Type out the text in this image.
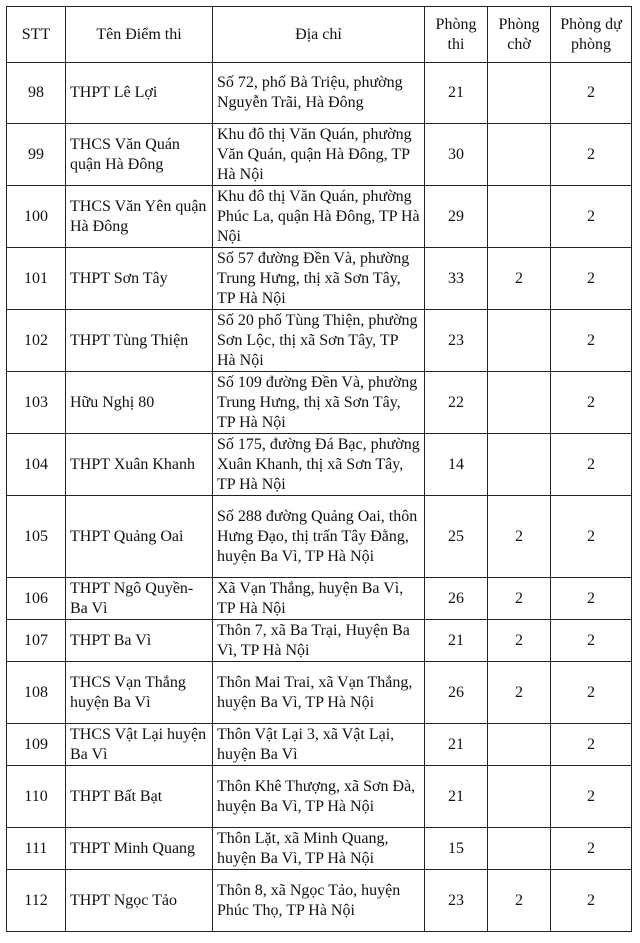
STT	Tên Điểm thi	Địa chỉ	Phòng thi	Phòng chờ	Phòng dự phòng
98	THPT Lê Lợi	Số 72, phố Bà Triệu, phường Nguyễn Trãi, Hà Đông	21		2
99	THCS Văn Quán quận Hà Đông	Khu đô thị Văn Quán, phường Văn Quán, quận Hà Đông, TP Hà Nội	30		2
100	THCS Văn Yên quận Hà Đông	Khu đô thị Văn Quán, phường Phúc La, quận Hà Đông, TP Hà Nội	29		2
101	THPT Sơn Tây	Số 57 đường Đền Và, phường Trung Hưng, thị xã Sơn Tây, TP Hà Nội	33	2	2
102	THPT Tùng Thiện	Số 20 phố Tùng Thiện, phường Sơn Lộc, thị xã Sơn Tây, TP Hà Nội	23		2
103	Hữu Nghị 80	Số 109 đường Đền Và, phường Trung Hưng, thị xã Sơn Tây, TP Hà Nội	22		2
104	THPT Xuân Khanh	Số 175, đường Đá Bạc, phường Xuân Khanh, thị xã Sơn Tây, TP Hà Nội	14		2
105	THPT Quảng Oai	Số 288 đường Quảng Oai, thôn Hưng Đạo, thị trấn Tây Đằng, huyện Ba Vì, TP Hà Nội	25	2	2
106	THPT Ngô Quyền-Ba Vì	Xã Vạn Thắng, huyện Ba Vì, TP Hà Nội	26	2	2
107	THPT Ba Vì	Thôn 7, xã Ba Trại, Huyện Ba Vì, TP Hà Nội	21	2	2
108	THCS Vạn Thắng huyện Ba Vì	Thôn Mai Trai, xã Vạn Thắng, huyện Ba Vì, TP Hà Nội	26	2	2
109	THCS Vật Lại huyện Ba Vì	Thôn Vật Lại 3, xã Vật Lại, huyện Ba Vì	21		2
110	THPT Bất Bạt	Thôn Khê Thượng, xã Sơn Đà, huyện Ba Vì, TP Hà Nội	21		2
111	THPT Minh Quang	Thôn Lặt, xã Minh Quang, huyện Ba Vì, TP Hà Nội	15		2
112	THPT Ngọc Tảo	Thôn 8, xã Ngọc Tảo, huyện Phúc Thọ, TP Hà Nội	23	2	2
